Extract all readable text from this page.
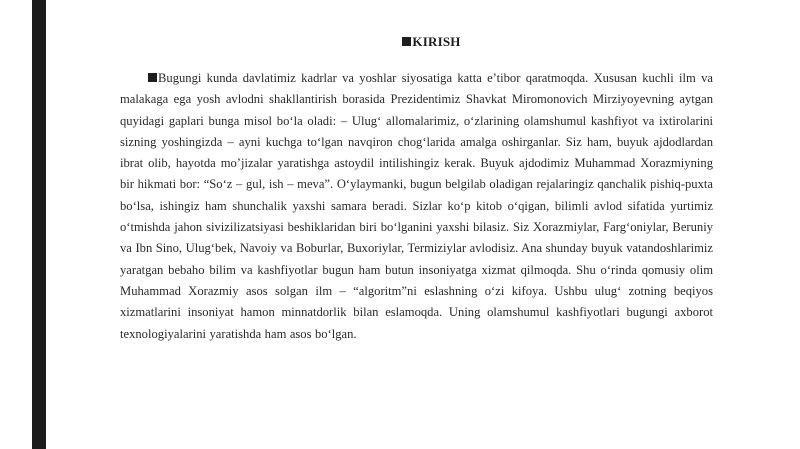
KIRISH

Bugungi kunda davlatimiz kadrlar va yoshlar siyosatiga katta e’tibor qaratmoqda. Xususan kuchli ilm va malakaga ega yosh avlodni shakllantirish borasida Prezidentimiz Shavkat Miromonovich Mirziyoyevning aytgan quyidagi gaplari bunga misol bo‘la oladi: – Ulug‘ allomalarimiz, o‘zlarining olamshumul kashfiyot va ixtirolarini sizning yoshingizda – ayni kuchga to‘lgan navqiron chog‘larida amalga oshirganlar. Siz ham, buyuk ajdodlardan ibrat olib, hayotda mo’jizalar yaratishga astoydil intilishingiz kerak. Buyuk ajdodimiz Muhammad Xorazmiyning bir hikmati bor: “So‘z – gul, ish – meva”. O‘ylaymanki, bugun belgilab oladigan rejalaringiz qanchalik pishiq-puxta bo‘lsa, ishingiz ham shunchalik yaxshi samara beradi. Sizlar ko‘p kitob o‘qigan, bilimli avlod sifatida yurtimiz o‘tmishda jahon sivizilizatsiyasi beshiklaridan biri bo‘lganini yaxshi bilasiz. Siz Xorazmiylar, Farg‘oniylar, Beruniy va Ibn Sino, Ulug‘bek, Navoiy va Boburlar, Buxoriylar, Termiziylar avlodisiz. Ana shunday buyuk vatandoshlarimiz yaratgan bebaho bilim va kashfiyotlar bugun ham butun insoniyatga xizmat qilmoqda. Shu o‘rinda qomusiy olim Muhammad Xorazmiy asos solgan ilm – “algoritm”ni eslashning o‘zi kifoya. Ushbu ulug‘ zotning beqiyos xizmatlarini insoniyat hamon minnatdorlik bilan eslamoqda. Uning olamshumul kashfiyotlari bugungi axborot texnologiyalarini yaratishda ham asos bo‘lgan.
